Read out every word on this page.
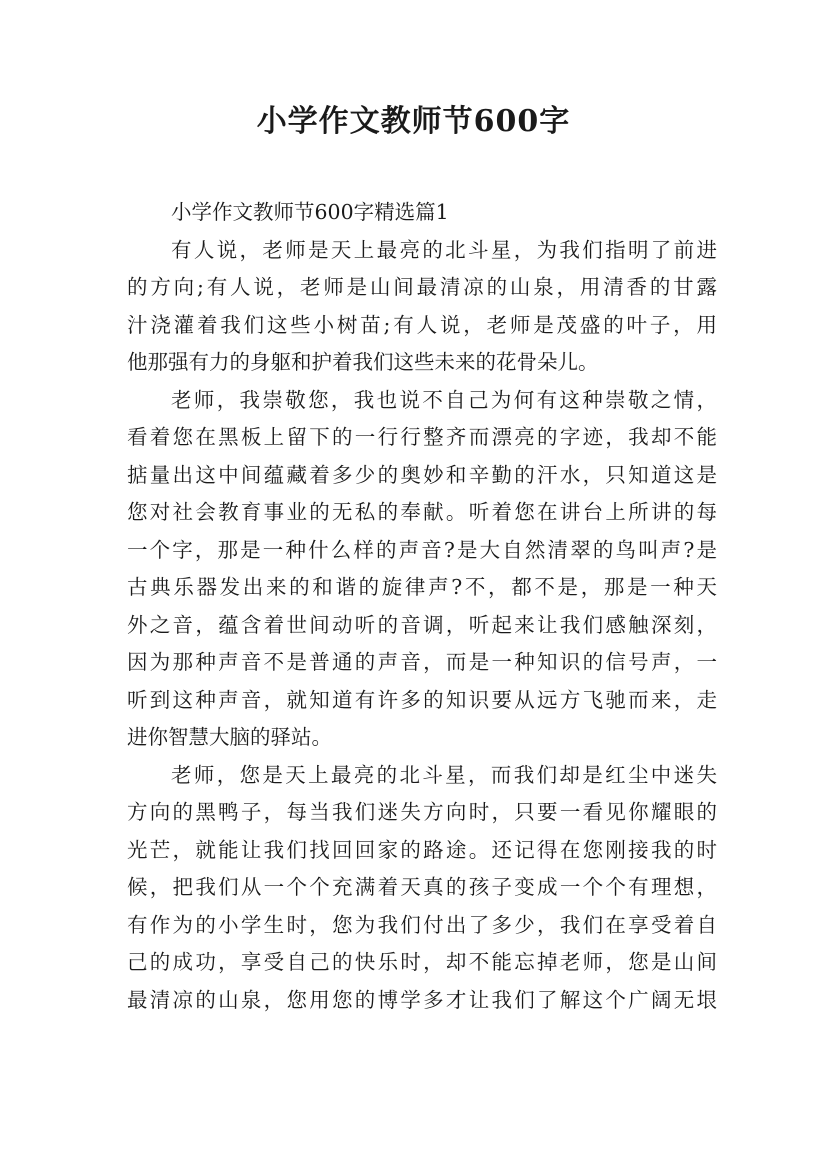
小学作文教师节600字
小学作文教师节600字精选篇1
有人说，老师是天上最亮的北斗星，为我们指明了前进
的方向;有人说，老师是山间最清凉的山泉，用清香的甘露
汁浇灌着我们这些小树苗;有人说，老师是茂盛的叶子，用
他那强有力的身躯和护着我们这些未来的花骨朵儿。
老师，我崇敬您，我也说不自己为何有这种崇敬之情，
看着您在黑板上留下的一行行整齐而漂亮的字迹，我却不能
掂量出这中间蕴藏着多少的奥妙和辛勤的汗水，只知道这是
您对社会教育事业的无私的奉献。听着您在讲台上所讲的每
一个字，那是一种什么样的声音?是大自然清翠的鸟叫声?是
古典乐器发出来的和谐的旋律声?不，都不是，那是一种天
外之音，蕴含着世间动听的音调，听起来让我们感触深刻，
因为那种声音不是普通的声音，而是一种知识的信号声，一
听到这种声音，就知道有许多的知识要从远方飞驰而来，走
进你智慧大脑的驿站。
老师，您是天上最亮的北斗星，而我们却是红尘中迷失
方向的黑鸭子，每当我们迷失方向时，只要一看见你耀眼的
光芒，就能让我们找回回家的路途。还记得在您刚接我的时
候，把我们从一个个充满着天真的孩子变成一个个有理想，
有作为的小学生时，您为我们付出了多少，我们在享受着自
己的成功，享受自己的快乐时，却不能忘掉老师，您是山间
最清凉的山泉，您用您的博学多才让我们了解这个广阔无垠
